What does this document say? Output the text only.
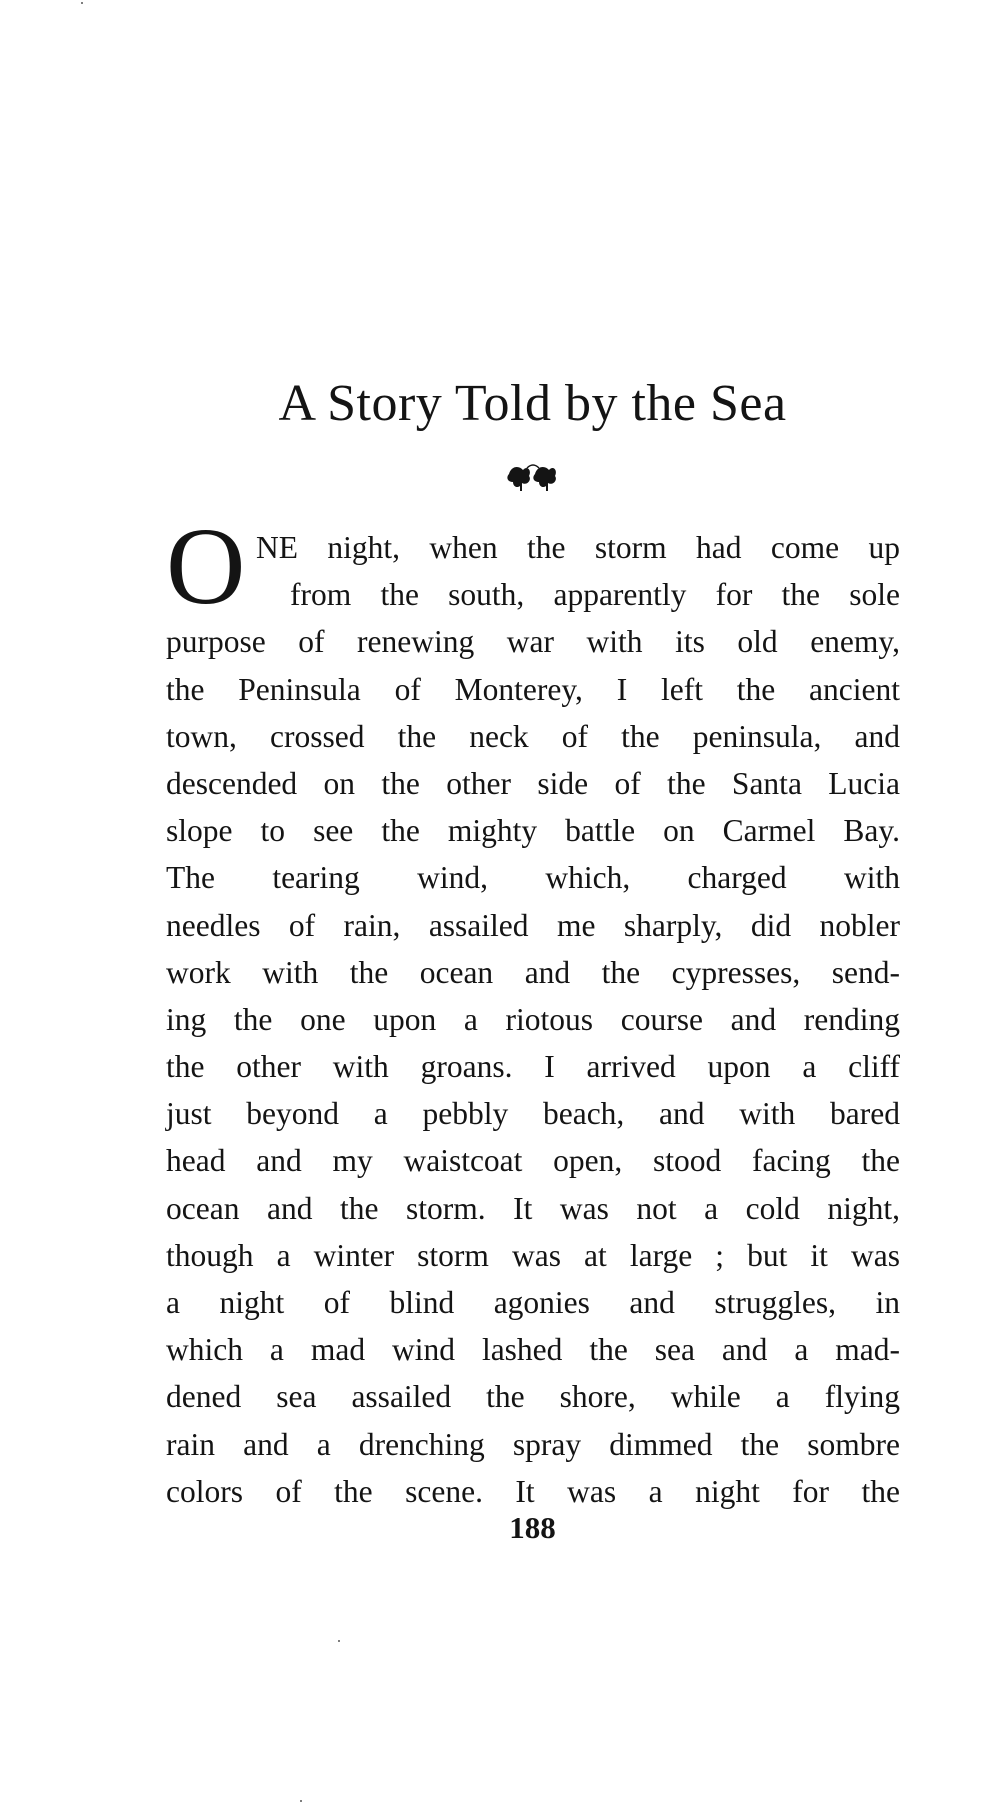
A Story Told by the Sea
O NE night, when the storm had come up
from the south, apparently for the sole
purpose of renewing war with its old enemy,
the Peninsula of Monterey, I left the ancient
town, crossed the neck of the peninsula, and
descended on the other side of the Santa Lucia
slope to see the mighty battle on Carmel Bay.
The tearing wind, which, charged with
needles of rain, assailed me sharply, did nobler
work with the ocean and the cypresses, send-
ing the one upon a riotous course and rending
the other with groans. I arrived upon a cliff
just beyond a pebbly beach, and with bared
head and my waistcoat open, stood facing the
ocean and the storm. It was not a cold night,
though a winter storm was at large ; but it was
a night of blind agonies and struggles, in
which a mad wind lashed the sea and a mad-
dened sea assailed the shore, while a flying
rain and a drenching spray dimmed the sombre
colors of the scene. It was a night for the
188
